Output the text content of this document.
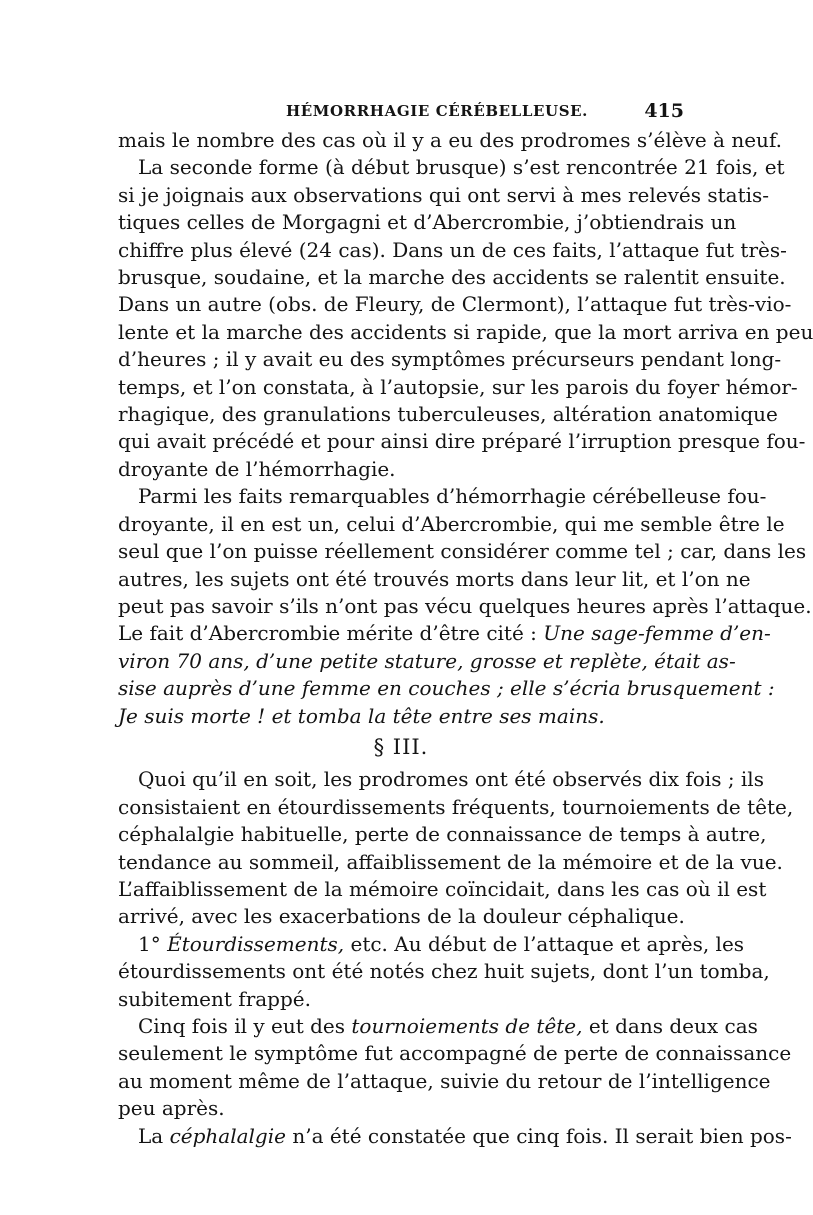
HÉMORRHAGIE CÉRÉBELLEUSE.	415
mais le nombre des cas où il y a eu des prodromes s’élève à neuf.
La seconde forme (à début brusque) s’est rencontrée 21 fois, et
si je joignais aux observations qui ont servi à mes relevés statis-
tiques celles de Morgagni et d’Abercrombie, j’obtiendrais un
chiffre plus élevé (24 cas). Dans un de ces faits, l’attaque fut très-
brusque, soudaine, et la marche des accidents se ralentit ensuite.
Dans un autre (obs. de Fleury, de Clermont), l’attaque fut très-vio-
lente et la marche des accidents si rapide, que la mort arriva en peu
d’heures ; il y avait eu des symptômes précurseurs pendant long-
temps, et l’on constata, à l’autopsie, sur les parois du foyer hémor-
rhagique, des granulations tuberculeuses, altération anatomique
qui avait précédé et pour ainsi dire préparé l’irruption presque fou-
droyante de l’hémorrhagie.
Parmi les faits remarquables d’hémorrhagie cérébelleuse fou-
droyante, il en est un, celui d’Abercrombie, qui me semble être le
seul que l’on puisse réellement considérer comme tel ; car, dans les
autres, les sujets ont été trouvés morts dans leur lit, et l’on ne
peut pas savoir s’ils n’ont pas vécu quelques heures après l’attaque.
Le fait d’Abercrombie mérite d’être cité : Une sage-femme d’en-
viron 70 ans, d’une petite stature, grosse et replète, était as-
sise auprès d’une femme en couches ; elle s’écria brusquement :
Je suis morte ! et tomba la tête entre ses mains.
§ III.
Quoi qu’il en soit, les prodromes ont été observés dix fois ; ils
consistaient en étourdissements fréquents, tournoiements de tête,
céphalalgie habituelle, perte de connaissance de temps à autre,
tendance au sommeil, affaiblissement de la mémoire et de la vue.
L’affaiblissement de la mémoire coïncidait, dans les cas où il est
arrivé, avec les exacerbations de la douleur céphalique.
1° Étourdissements, etc. Au début de l’attaque et après, les
étourdissements ont été notés chez huit sujets, dont l’un tomba,
subitement frappé.
Cinq fois il y eut des tournoiements de tête, et dans deux cas
seulement le symptôme fut accompagné de perte de connaissance
au moment même de l’attaque, suivie du retour de l’intelligence
peu après.
La céphalalgie n’a été constatée que cinq fois. Il serait bien pos-
